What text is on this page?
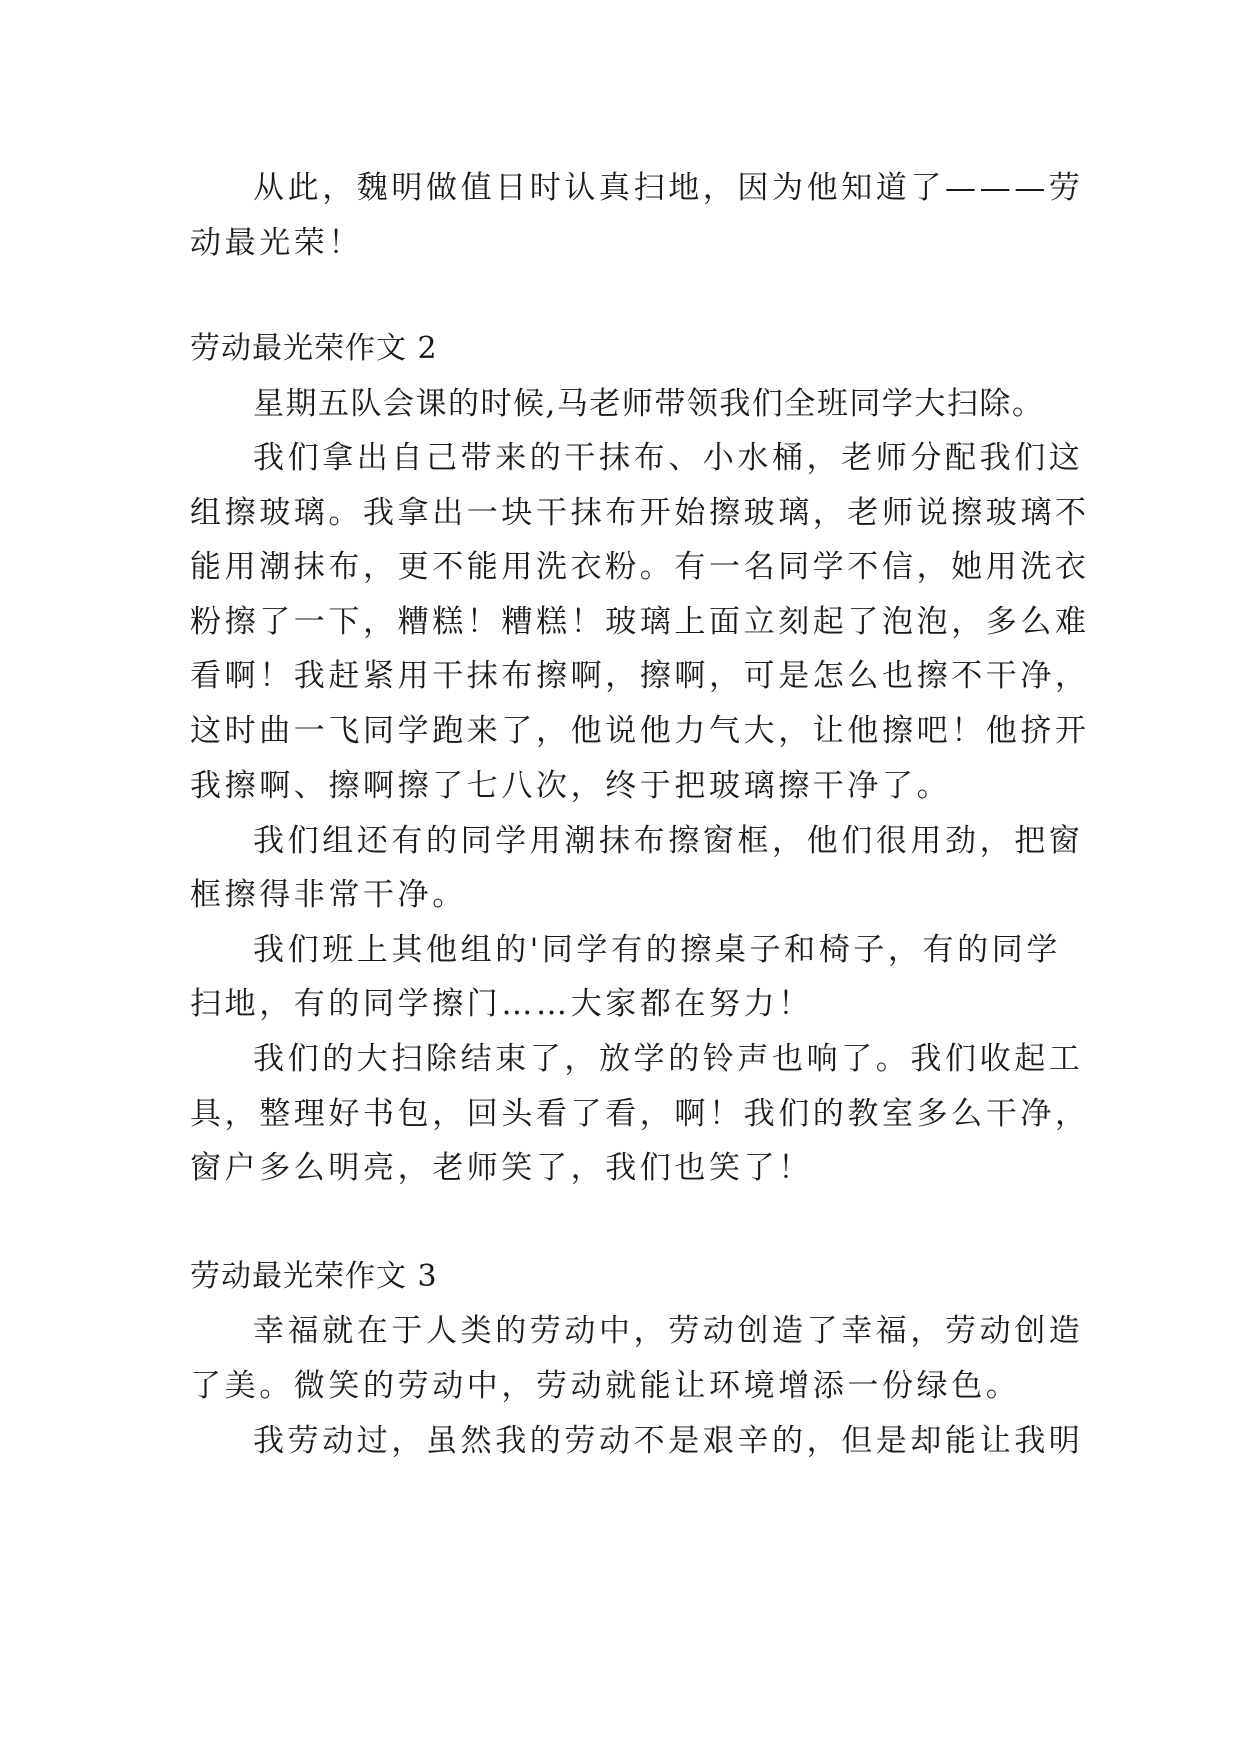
从此，魏明做值日时认真扫地，因为他知道了———劳
动最光荣！
劳动最光荣作文 2
星期五队会课的时候,马老师带领我们全班同学大扫除。
我们拿出自己带来的干抹布、小水桶，老师分配我们这
组擦玻璃。我拿出一块干抹布开始擦玻璃，老师说擦玻璃不
能用潮抹布，更不能用洗衣粉。有一名同学不信，她用洗衣
粉擦了一下，糟糕！糟糕！玻璃上面立刻起了泡泡，多么难
看啊！我赶紧用干抹布擦啊，擦啊，可是怎么也擦不干净，
这时曲一飞同学跑来了，他说他力气大，让他擦吧！他挤开
我擦啊、擦啊擦了七八次，终于把玻璃擦干净了。
我们组还有的同学用潮抹布擦窗框，他们很用劲，把窗
框擦得非常干净。
我们班上其他组的'同学有的擦桌子和椅子，有的同学
扫地，有的同学擦门……大家都在努力！
我们的大扫除结束了，放学的铃声也响了。我们收起工
具，整理好书包，回头看了看，啊！我们的教室多么干净，
窗户多么明亮，老师笑了，我们也笑了！
劳动最光荣作文 3
幸福就在于人类的劳动中，劳动创造了幸福，劳动创造
了美。微笑的劳动中，劳动就能让环境增添一份绿色。
我劳动过，虽然我的劳动不是艰辛的，但是却能让我明
